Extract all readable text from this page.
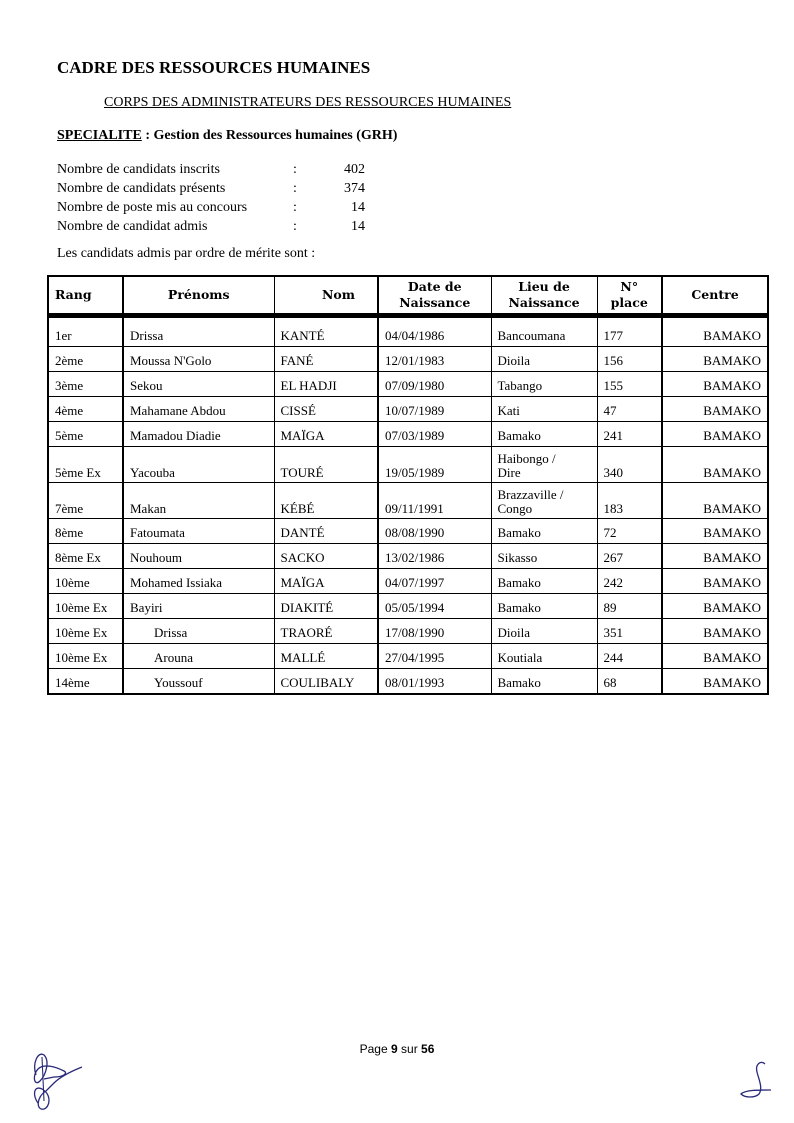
CADRE DES RESSOURCES HUMAINES
CORPS DES ADMINISTRATEURS DES RESSOURCES HUMAINES
SPECIALITE : Gestion des Ressources humaines (GRH)
Nombre de candidats inscrits	:	402
Nombre de candidats présents	:	374
Nombre de poste mis au concours	:	14
Nombre de candidat admis	:	14
Les candidats admis par ordre de mérite sont :
Rang	Prénoms	Nom	Date de Naissance	Lieu de Naissance	N° place	Centre
1er	Drissa	KANTÉ	04/04/1986	Bancoumana	177	BAMAKO
2ème	Moussa N'Golo	FANÉ	12/01/1983	Dioila	156	BAMAKO
3ème	Sekou	EL HADJI	07/09/1980	Tabango	155	BAMAKO
4ème	Mahamane Abdou	CISSÉ	10/07/1989	Kati	47	BAMAKO
5ème	Mamadou Diadie	MAÏGA	07/03/1989	Bamako	241	BAMAKO
5ème Ex	Yacouba	TOURÉ	19/05/1989	Haibongo / Dire	340	BAMAKO
7ème	Makan	KÉBÉ	09/11/1991	Brazzaville / Congo	183	BAMAKO
8ème	Fatoumata	DANTÉ	08/08/1990	Bamako	72	BAMAKO
8ème Ex	Nouhoum	SACKO	13/02/1986	Sikasso	267	BAMAKO
10ème	Mohamed Issiaka	MAÏGA	04/07/1997	Bamako	242	BAMAKO
10ème Ex	Bayiri	DIAKITÉ	05/05/1994	Bamako	89	BAMAKO
10ème Ex	Drissa	TRAORÉ	17/08/1990	Dioila	351	BAMAKO
10ème Ex	Arouna	MALLÉ	27/04/1995	Koutiala	244	BAMAKO
14ème	Youssouf	COULIBALY	08/01/1993	Bamako	68	BAMAKO
Page 9 sur 56
